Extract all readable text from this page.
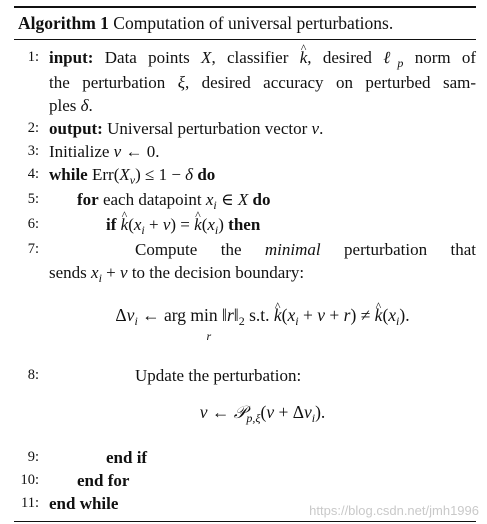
Algorithm 1 Computation of universal perturbations.
1: input: Data points X, classifier ^ k, desired ℓ$_p$ norm of
the perturbation ξ, desired accuracy on perturbed sam-
ples δ.
2: output: Universal perturbation vector v.
3: Initialize v ← 0.
4: while $Err(X_v) \le 1 - \delta$ do
5: for each datapoint $x_i$ ∈ X do
6:	if ^ $k(x_i + v)$ = ^ $k(x_i)$ then
7:	Compute the minimal perturbation that
sends $x_i + v$ to the decision boundary:
$\Delta v_i$ ← arg min
$^r$ $‖r‖_2$ s.t. ^ $k(x_i + v + r)$ ≠ ^ $k(x_i)$.
8:	Update the perturbation:
v ← 𝒫$_{p,\xi}$(v + $\Delta v_i$).
9:	end if
10: end for
11: end while	https://blog.csdn.net/jmh1996
